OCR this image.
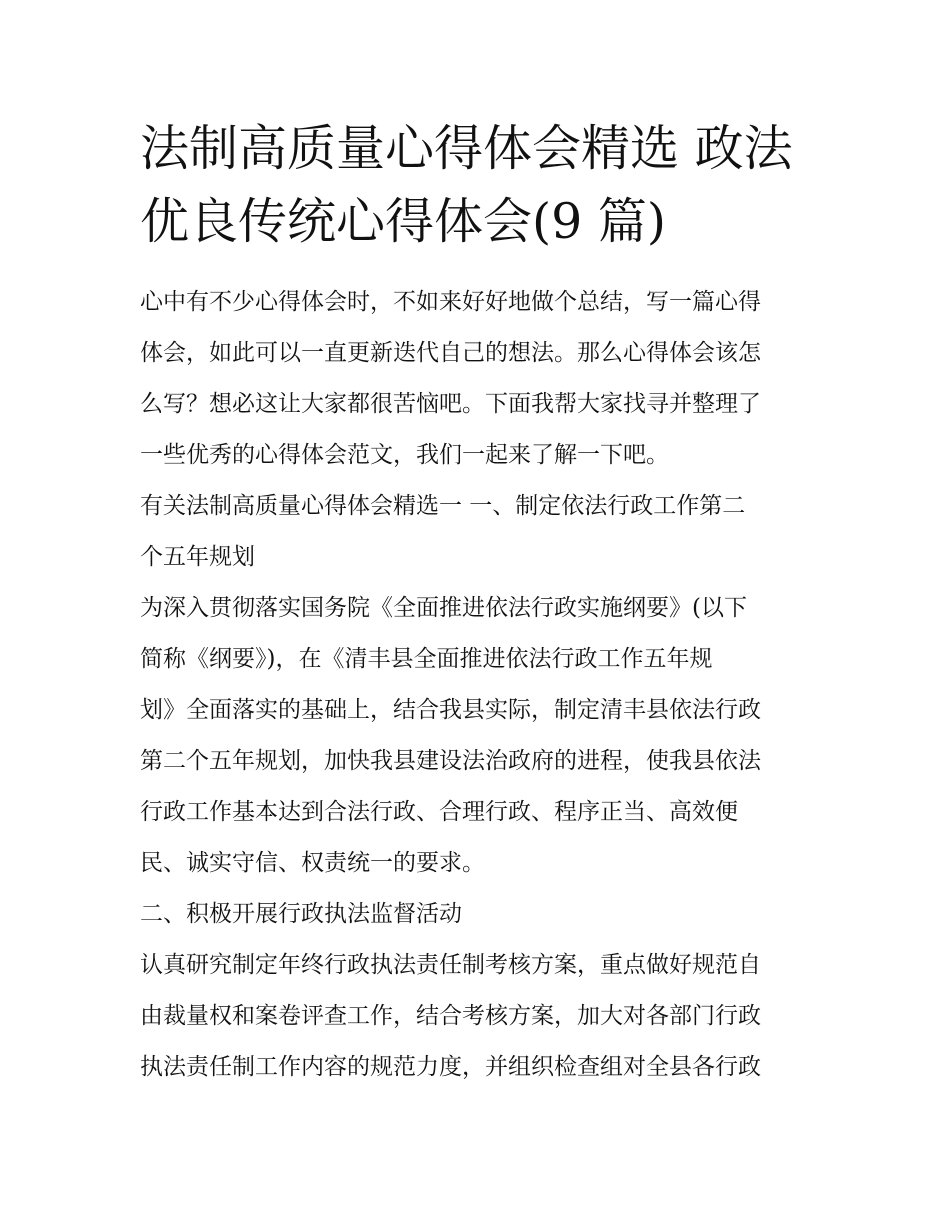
法制高质量心得体会精选 政法
优良传统心得体会(9 篇)
心中有不少心得体会时，不如来好好地做个总结，写一篇心得
体会，如此可以一直更新迭代自己的想法。那么心得体会该怎
么写？想必这让大家都很苦恼吧。下面我帮大家找寻并整理了
一些优秀的心得体会范文，我们一起来了解一下吧。
有关法制高质量心得体会精选一 一、制定依法行政工作第二
个五年规划
为深入贯彻落实国务院《全面推进依法行政实施纲要》(以下
简称《纲要》)，在《清丰县全面推进依法行政工作五年规
划》全面落实的基础上，结合我县实际，制定清丰县依法行政
第二个五年规划，加快我县建设法治政府的进程，使我县依法
行政工作基本达到合法行政、合理行政、程序正当、高效便
民、诚实守信、权责统一的要求。
二、积极开展行政执法监督活动
认真研究制定年终行政执法责任制考核方案，重点做好规范自
由裁量权和案卷评查工作，结合考核方案，加大对各部门行政
执法责任制工作内容的规范力度，并组织检查组对全县各行政
